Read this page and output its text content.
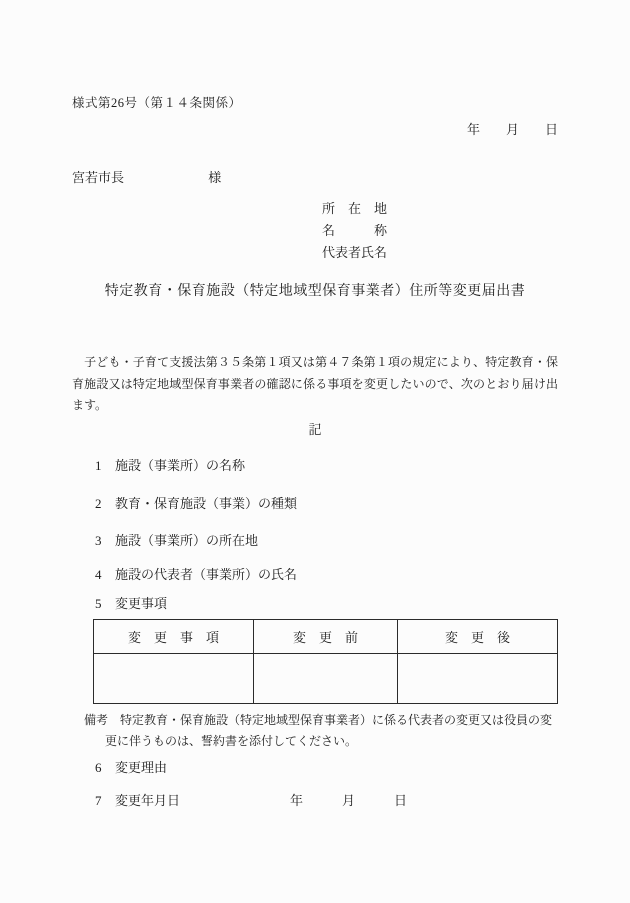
様式第26号（第１４条関係）
年　　月　　日
宮若市長	様
所　在　地
名　　　称
代表者氏名
特定教育・保育施設（特定地域型保育事業者）住所等変更届出書
　子ども・子育て支援法第３５条第１項又は第４７条第１項の規定により、特定教育・保
育施設又は特定地域型保育事業者の確認に係る事項を変更したいので、次のとおり届け出
ます。
記
1	施設（事業所）の名称
2	教育・保育施設（事業）の種類
3	施設（事業所）の所在地
4	施設の代表者（事業所）の氏名
5	変更事項
変　更　事　項	変　更　前	変　更　後

備考　特定教育・保育施設（特定地域型保育事業者）に係る代表者の変更又は役員の変
更に伴うものは、誓約書を添付してください。
6	変更理由
7	変更年月日	年　　　月　　　日
